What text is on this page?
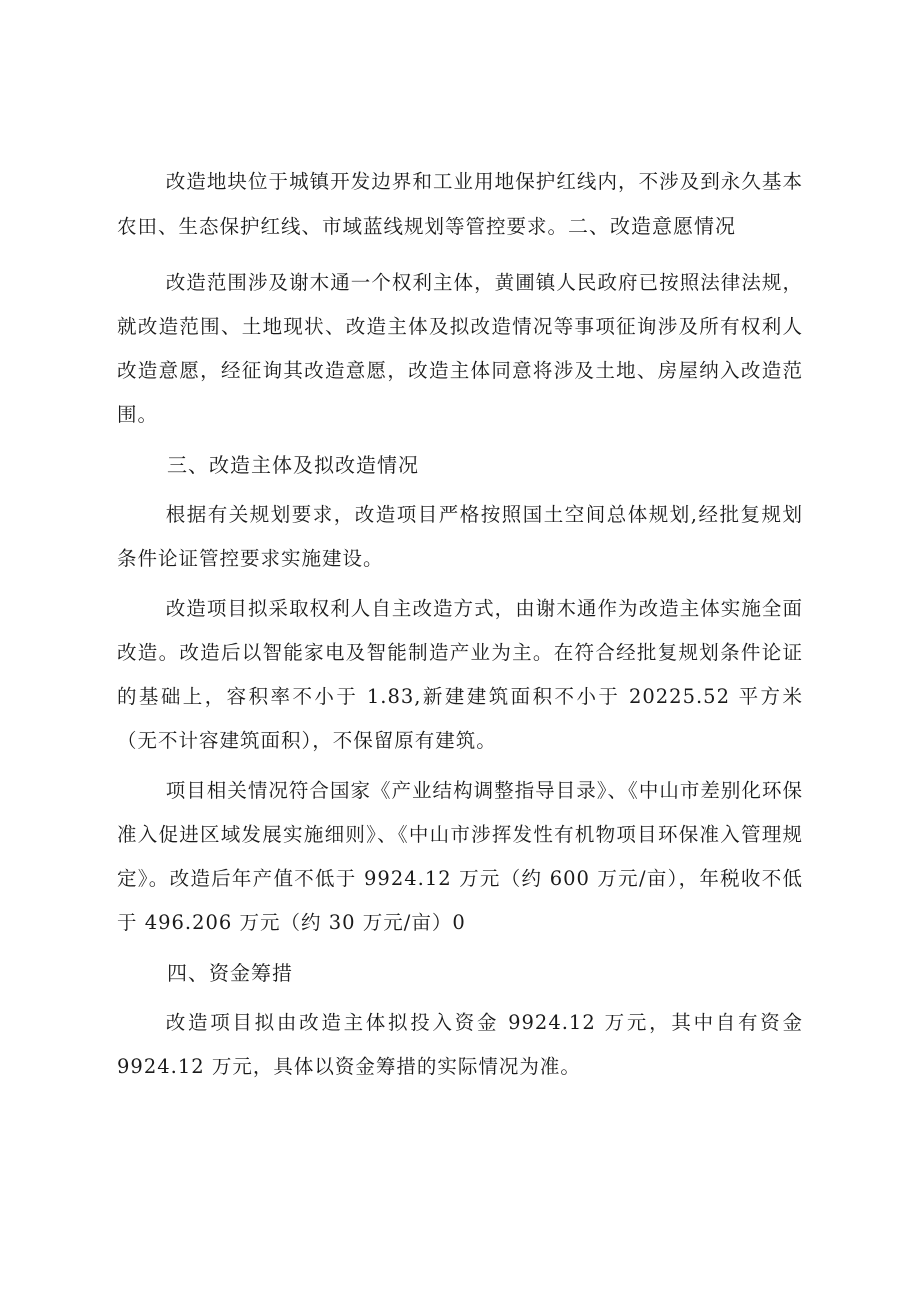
改造地块位于城镇开发边界和工业用地保护红线内，不涉及到永久基本农田、生态保护红线、市域蓝线规划等管控要求。二、改造意愿情况

改造范围涉及谢木通一个权利主体，黄圃镇人民政府已按照法律法规，就改造范围、土地现状、改造主体及拟改造情况等事项征询涉及所有权利人改造意愿，经征询其改造意愿，改造主体同意将涉及土地、房屋纳入改造范围。

三、改造主体及拟改造情况

根据有关规划要求，改造项目严格按照国土空间总体规划,经批复规划条件论证管控要求实施建设。

改造项目拟采取权利人自主改造方式，由谢木通作为改造主体实施全面改造。改造后以智能家电及智能制造产业为主。在符合经批复规划条件论证的基础上，容积率不小于 1.83,新建建筑面积不小于 20225.52 平方米（无不计容建筑面积），不保留原有建筑。

项目相关情况符合国家《产业结构调整指导目录》、《中山市差别化环保准入促进区域发展实施细则》、《中山市涉挥发性有机物项目环保准入管理规定》。改造后年产值不低于 9924.12 万元（约 600 万元/亩），年税收不低于 496.206 万元（约 30 万元/亩）0

四、资金筹措

改造项目拟由改造主体拟投入资金 9924.12 万元，其中自有资金 9924.12 万元，具体以资金筹措的实际情况为准。
